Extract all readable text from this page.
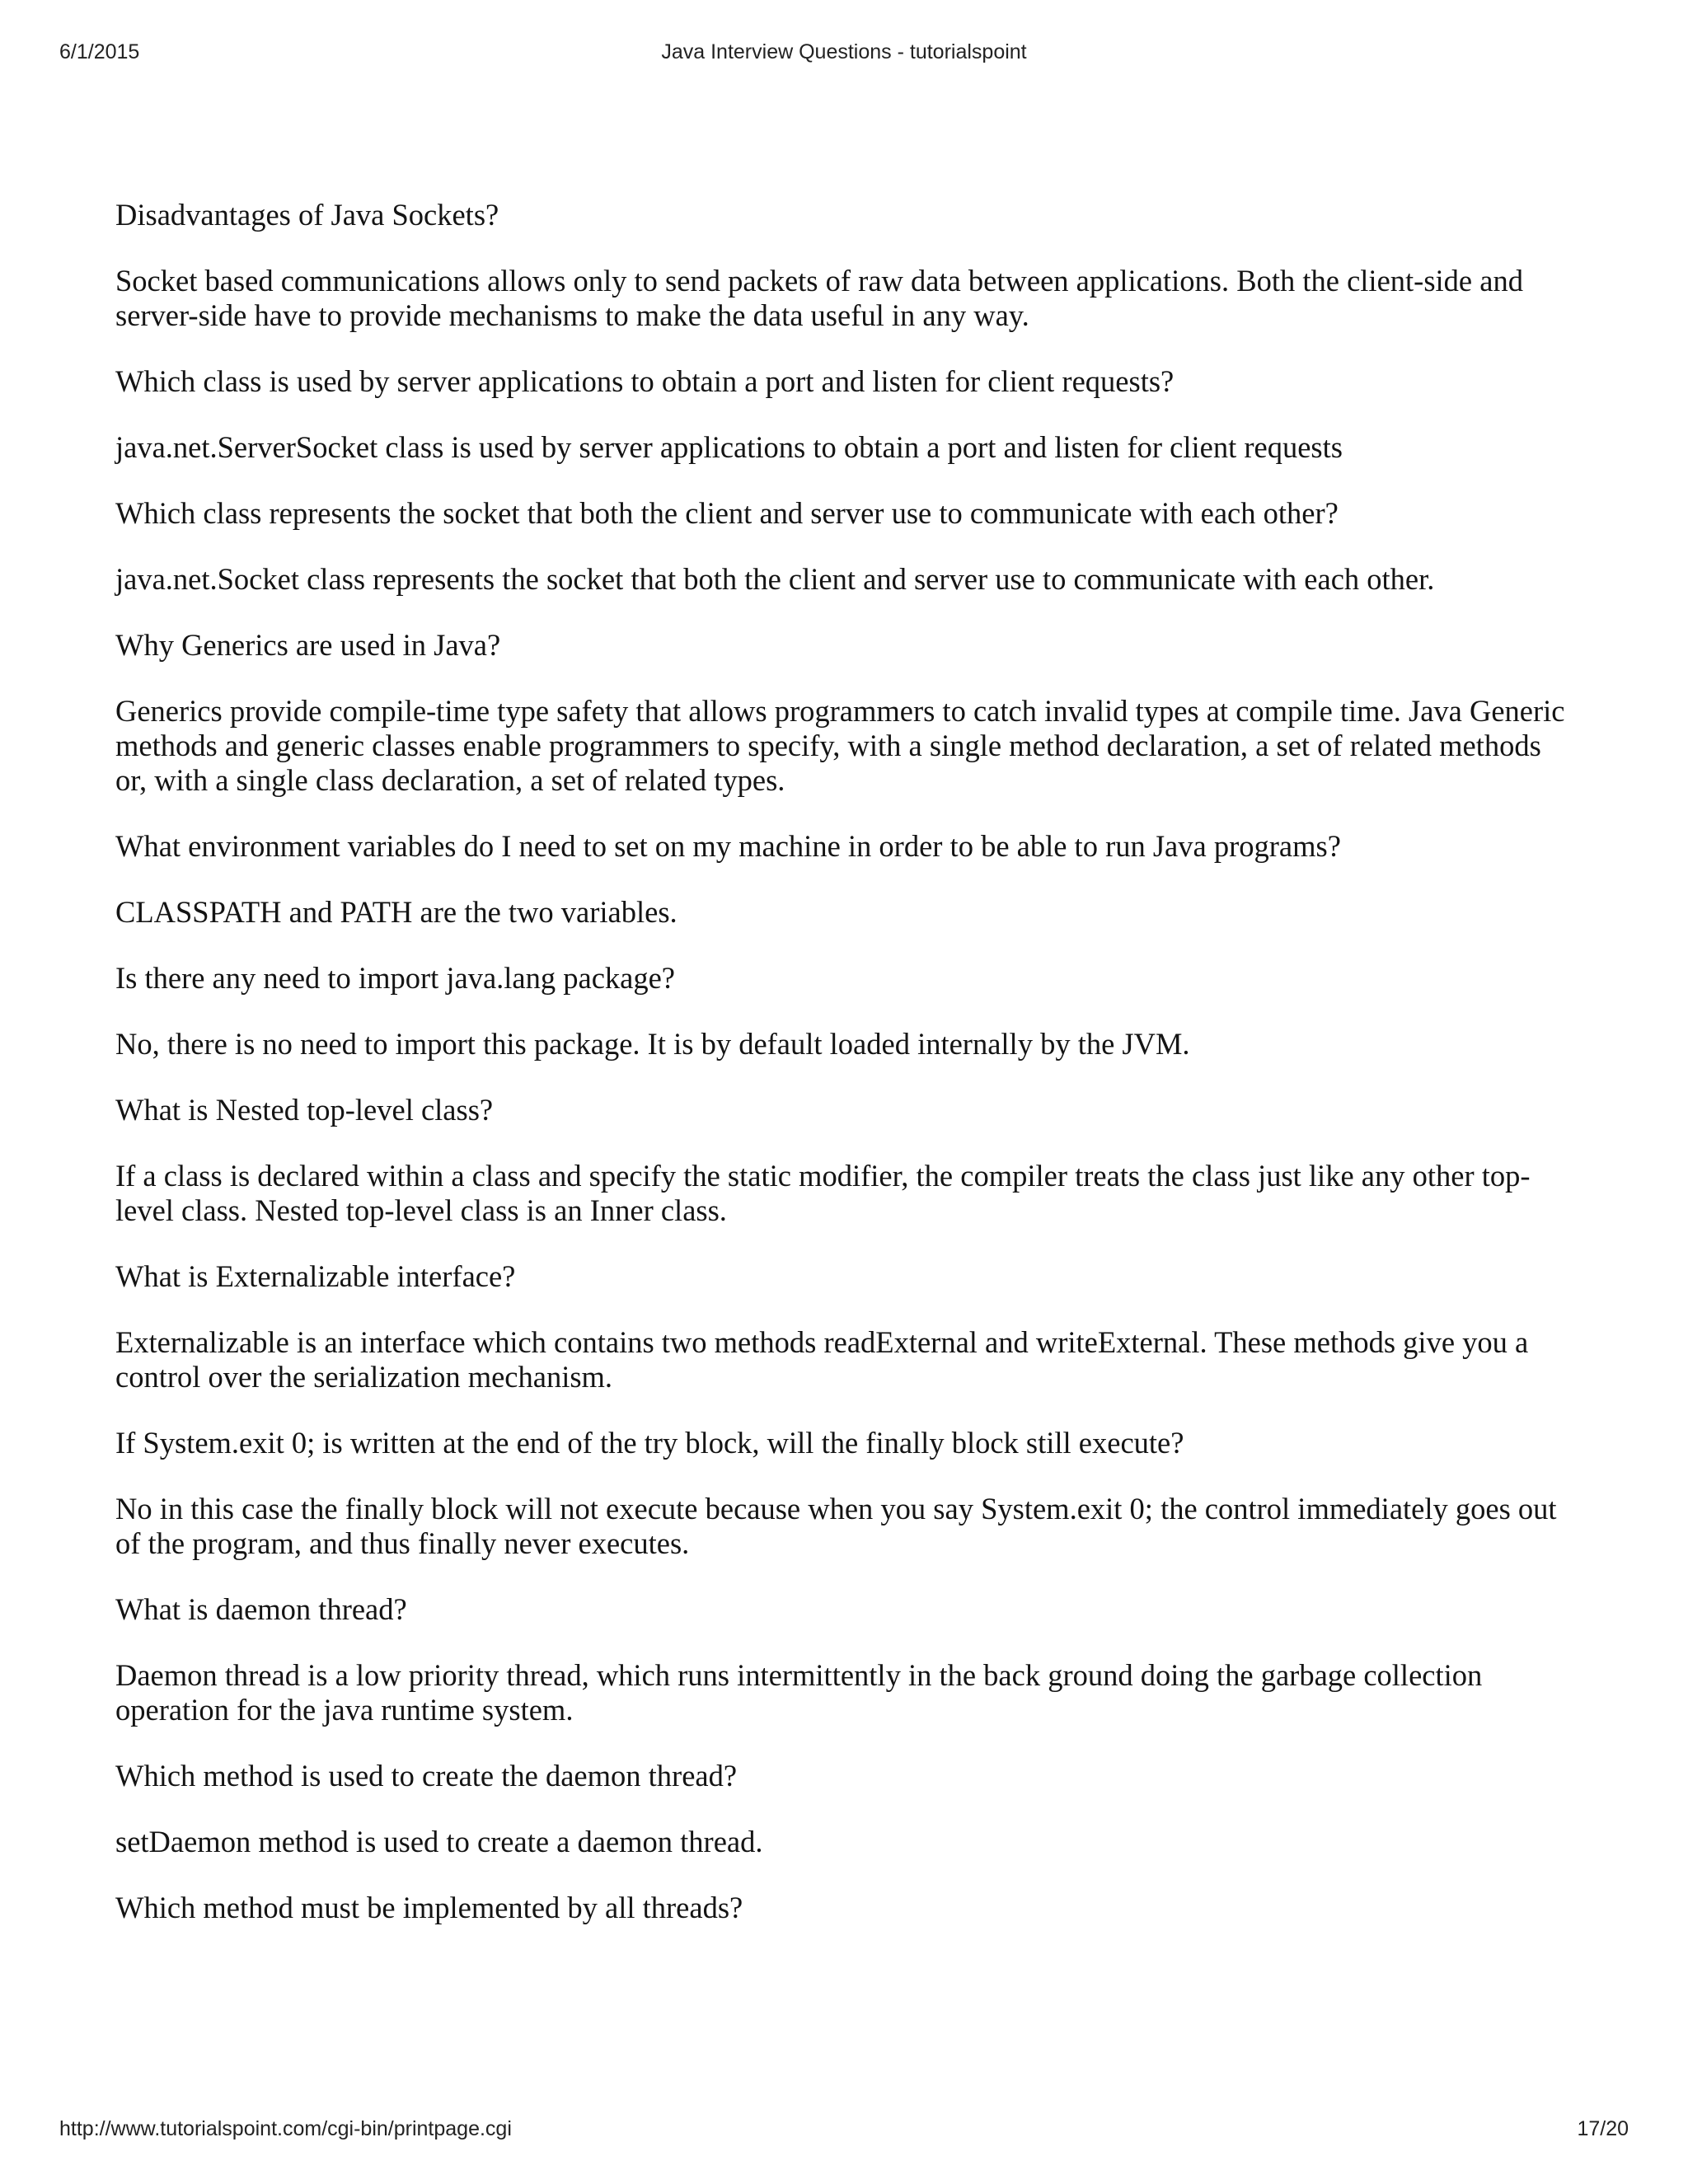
6/1/2015	Java Interview Questions - tutorialspoint

Disadvantages of Java Sockets?

Socket based communications allows only to send packets of raw data between applications. Both the client-side and server-side have to provide mechanisms to make the data useful in any way.

Which class is used by server applications to obtain a port and listen for client requests?

java.net.ServerSocket class is used by server applications to obtain a port and listen for client requests

Which class represents the socket that both the client and server use to communicate with each other?

java.net.Socket class represents the socket that both the client and server use to communicate with each other.

Why Generics are used in Java?

Generics provide compile-time type safety that allows programmers to catch invalid types at compile time. Java Generic methods and generic classes enable programmers to specify, with a single method declaration, a set of related methods or, with a single class declaration, a set of related types.

What environment variables do I need to set on my machine in order to be able to run Java programs?

CLASSPATH and PATH are the two variables.

Is there any need to import java.lang package?

No, there is no need to import this package. It is by default loaded internally by the JVM.

What is Nested top-level class?

If a class is declared within a class and specify the static modifier, the compiler treats the class just like any other top-level class. Nested top-level class is an Inner class.

What is Externalizable interface?

Externalizable is an interface which contains two methods readExternal and writeExternal. These methods give you a control over the serialization mechanism.

If System.exit 0; is written at the end of the try block, will the finally block still execute?

No in this case the finally block will not execute because when you say System.exit 0; the control immediately goes out of the program, and thus finally never executes.

What is daemon thread?

Daemon thread is a low priority thread, which runs intermittently in the back ground doing the garbage collection operation for the java runtime system.

Which method is used to create the daemon thread?

setDaemon method is used to create a daemon thread.

Which method must be implemented by all threads?

http://www.tutorialspoint.com/cgi-bin/printpage.cgi	17/20
